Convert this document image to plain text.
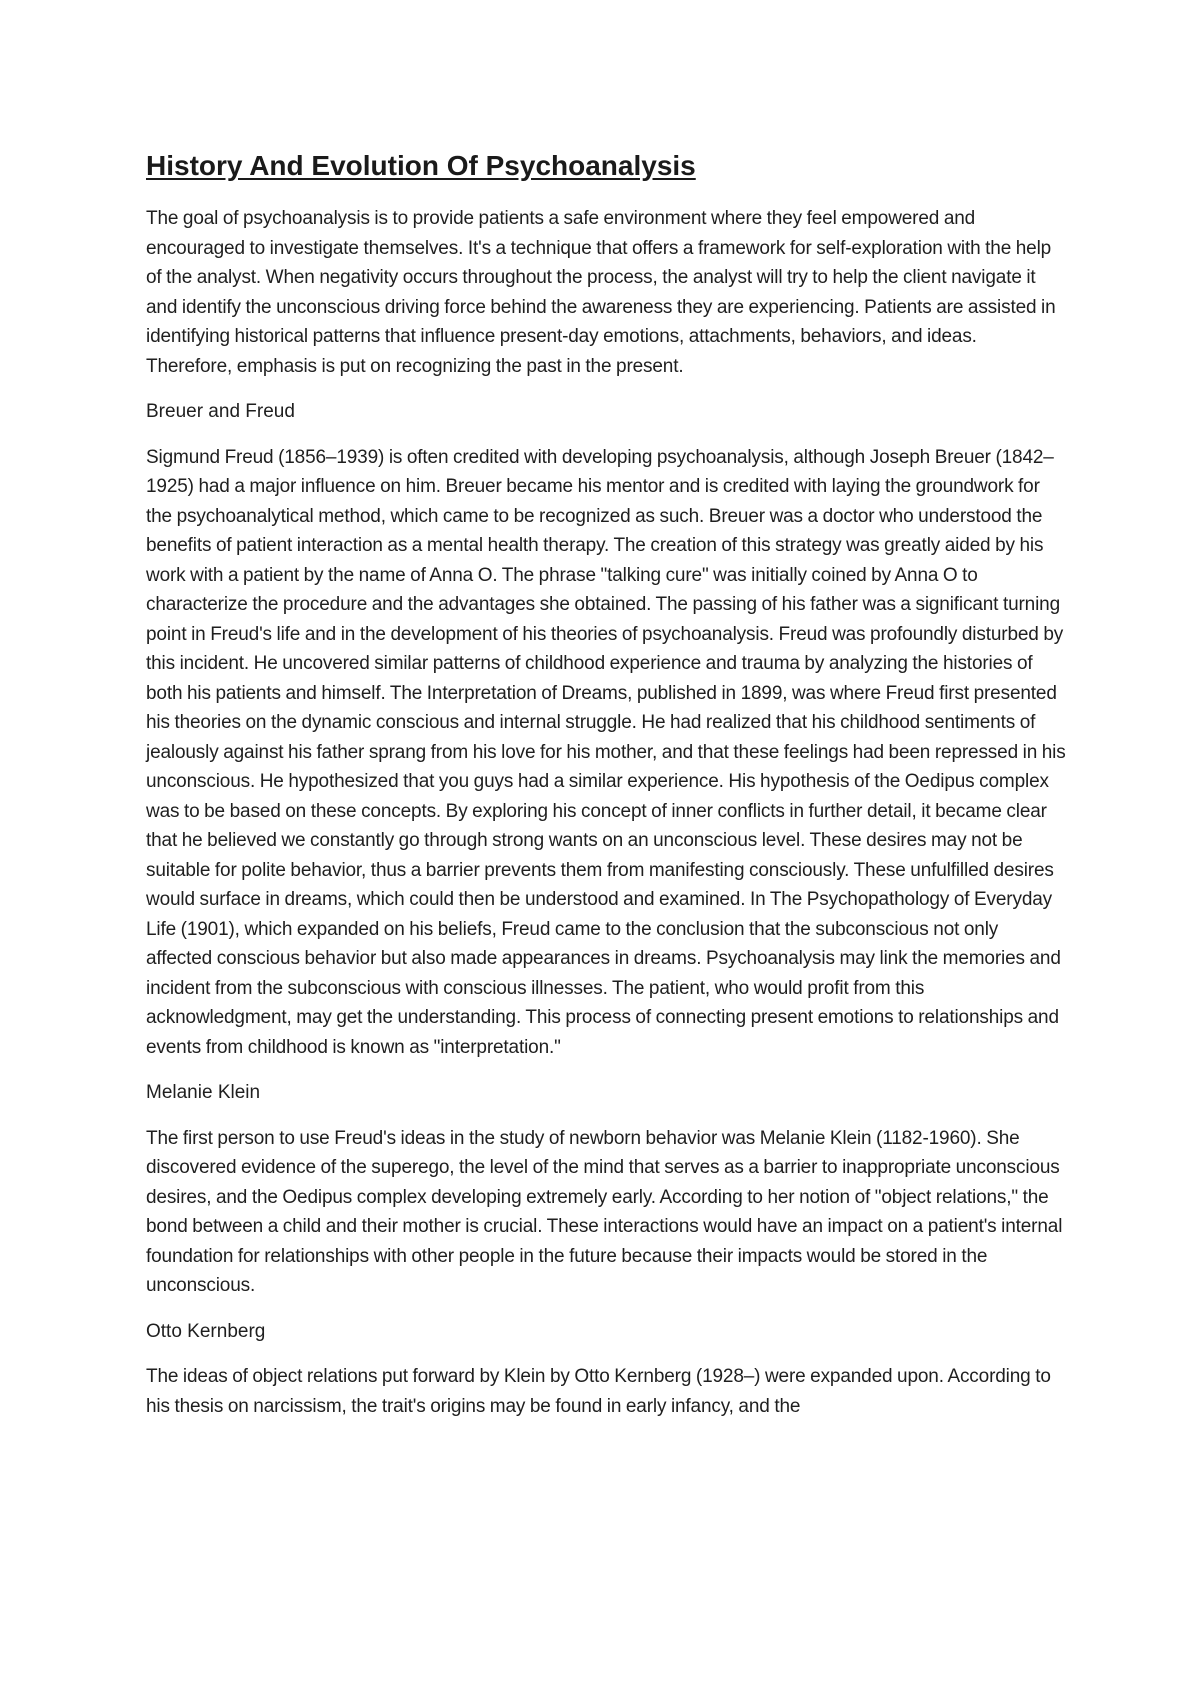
History And Evolution Of Psychoanalysis

The goal of psychoanalysis is to provide patients a safe environment where they feel empowered and encouraged to investigate themselves. It's a technique that offers a framework for self-exploration with the help of the analyst. When negativity occurs throughout the process, the analyst will try to help the client navigate it and identify the unconscious driving force behind the awareness they are experiencing. Patients are assisted in identifying historical patterns that influence present-day emotions, attachments, behaviors, and ideas. Therefore, emphasis is put on recognizing the past in the present.

Breuer and Freud

Sigmund Freud (1856–1939) is often credited with developing psychoanalysis, although Joseph Breuer (1842–1925) had a major influence on him. Breuer became his mentor and is credited with laying the groundwork for the psychoanalytical method, which came to be recognized as such. Breuer was a doctor who understood the benefits of patient interaction as a mental health therapy. The creation of this strategy was greatly aided by his work with a patient by the name of Anna O. The phrase "talking cure" was initially coined by Anna O to characterize the procedure and the advantages she obtained. The passing of his father was a significant turning point in Freud's life and in the development of his theories of psychoanalysis. Freud was profoundly disturbed by this incident. He uncovered similar patterns of childhood experience and trauma by analyzing the histories of both his patients and himself. The Interpretation of Dreams, published in 1899, was where Freud first presented his theories on the dynamic conscious and internal struggle. He had realized that his childhood sentiments of jealously against his father sprang from his love for his mother, and that these feelings had been repressed in his unconscious. He hypothesized that you guys had a similar experience. His hypothesis of the Oedipus complex was to be based on these concepts. By exploring his concept of inner conflicts in further detail, it became clear that he believed we constantly go through strong wants on an unconscious level. These desires may not be suitable for polite behavior, thus a barrier prevents them from manifesting consciously. These unfulfilled desires would surface in dreams, which could then be understood and examined. In The Psychopathology of Everyday Life (1901), which expanded on his beliefs, Freud came to the conclusion that the subconscious not only affected conscious behavior but also made appearances in dreams. Psychoanalysis may link the memories and incident from the subconscious with conscious illnesses. The patient, who would profit from this acknowledgment, may get the understanding. This process of connecting present emotions to relationships and events from childhood is known as "interpretation."

Melanie Klein

The first person to use Freud's ideas in the study of newborn behavior was Melanie Klein (1182-1960). She discovered evidence of the superego, the level of the mind that serves as a barrier to inappropriate unconscious desires, and the Oedipus complex developing extremely early. According to her notion of "object relations," the bond between a child and their mother is crucial. These interactions would have an impact on a patient's internal foundation for relationships with other people in the future because their impacts would be stored in the unconscious.

Otto Kernberg

The ideas of object relations put forward by Klein by Otto Kernberg (1928–) were expanded upon. According to his thesis on narcissism, the trait's origins may be found in early infancy, and the
